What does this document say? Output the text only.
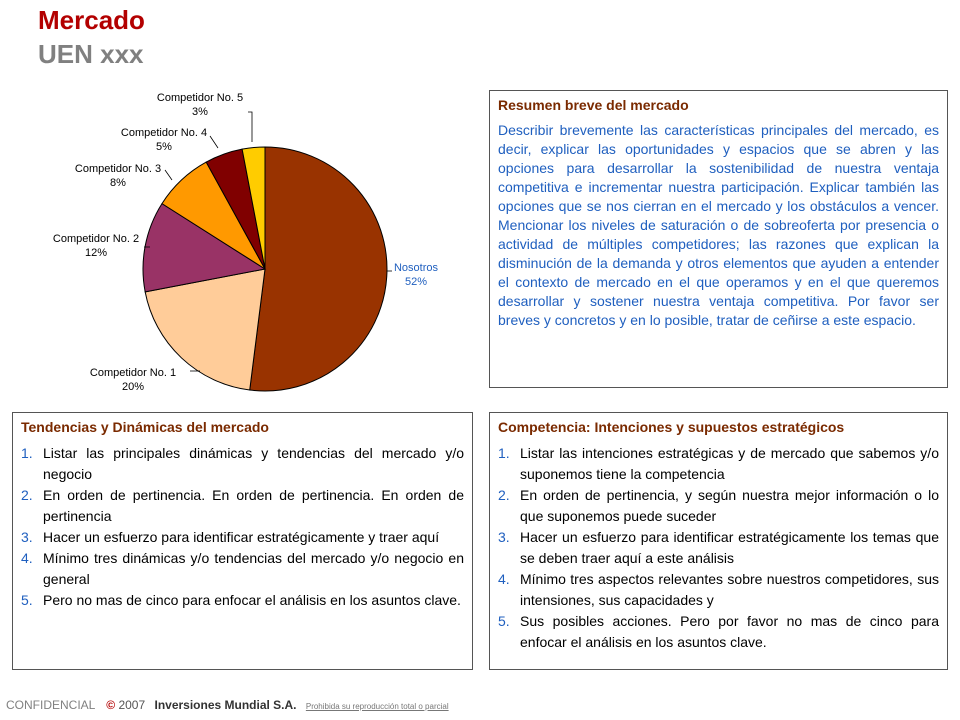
Mercado
UEN xxx
Nosotros
52%
Competidor No. 1
20%
Competidor No. 2
12%
Competidor No. 3
8%
Competidor No. 4
5%
Competidor No. 5
3%	Resumen breve del mercado

Describir brevemente las características principales del mercado, es decir, explicar las oportunidades y espacios que se abren y las opciones para desarrollar la sostenibilidad de nuestra ventaja competitiva e incrementar nuestra participación. Explicar también las opciones que se nos cierran en el mercado y los obstáculos a vencer. Mencionar los niveles de saturación o de sobreoferta por presencia o actividad de múltiples competidores; las razones que explican la disminución de la demanda y otros elementos que ayuden a entender el contexto de mercado en el que operamos y en el que queremos desarrollar y sostener nuestra ventaja competitiva. Por favor ser breves y concretos y en lo posible, tratar de ceñirse a este espacio.

Tendencias y Dinámicas del mercado
1. Listar las principales dinámicas y tendencias del mercado y/o negocio
2. En orden de pertinencia. En orden de pertinencia. En orden de pertinencia
3. Hacer un esfuerzo para identificar estratégicamente y traer aquí
4. Mínimo tres dinámicas y/o tendencias del mercado y/o negocio en general
5. Pero no mas de cinco para enfocar el análisis en los asuntos clave.
Competencia: Intenciones y supuestos estratégicos
1. Listar las intenciones estratégicas y de mercado que sabemos y/o suponemos tiene la competencia
2. En orden de pertinencia, y según nuestra mejor información o lo que suponemos puede suceder
3. Hacer un esfuerzo para identificar estratégicamente los temas que se deben traer aquí a este análisis
4. Mínimo tres aspectos relevantes sobre nuestros competidores, sus intensiones, sus capacidades y
5. Sus posibles acciones. Pero por favor no mas de cinco para enfocar el análisis en los asuntos clave.
CONFIDENCIAL © 2007 Inversiones Mundial S.A. Prohibida su reproducción total o parcial
